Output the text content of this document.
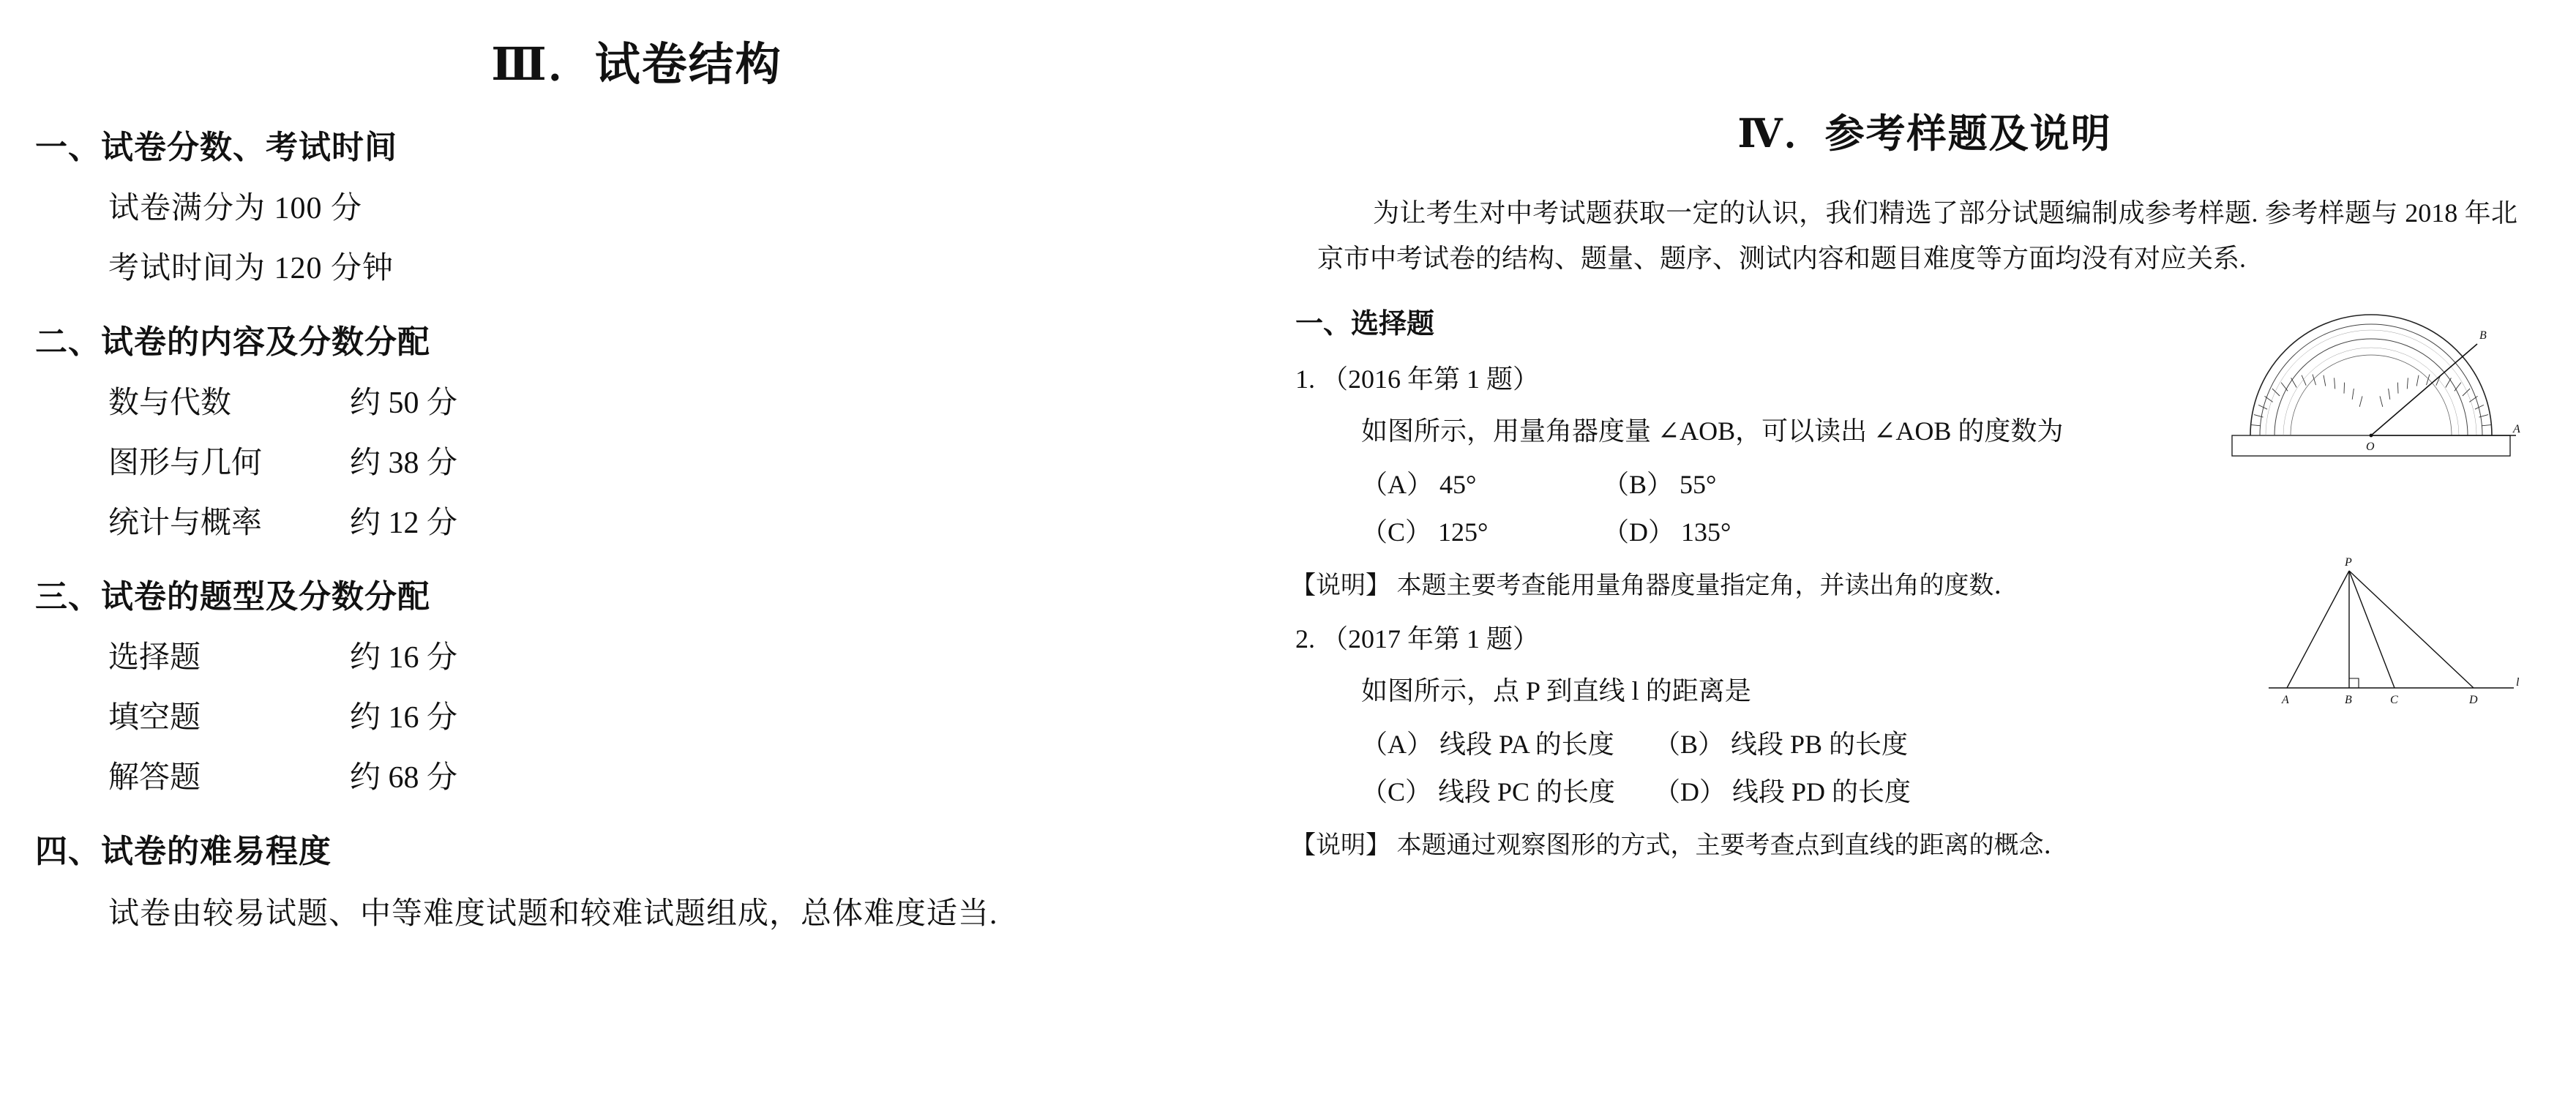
Ⅲ．试卷结构
一、试卷分数、考试时间
试卷满分为 100 分
考试时间为 120 分钟
二、试卷的内容及分数分配
数与代数	约 50 分
图形与几何	约 38 分
统计与概率	约 12 分
三、试卷的题型及分数分配
选择题	约 16 分
填空题	约 16 分
解答题	约 68 分
四、试卷的难易程度
试卷由较易试题、中等难度试题和较难试题组成，总体难度适当.
Ⅳ．参考样题及说明
为让考生对中考试题获取一定的认识，我们精选了部分试题编制成参考样题. 参考样题与 2018 年北京市中考试卷的结构、题量、题序、测试内容和题目难度等方面均没有对应关系.
一、选择题
1. （2016 年第 1 题）
如图所示，用量角器度量 ∠AOB，可以读出 ∠AOB 的度数为
（A） 45°	（B） 55°
（C） 125°	（D） 135°
【说明】 本题主要考查能用量角器度量指定角，并读出角的度数．
2. （2017 年第 1 题）
如图所示，点 P 到直线 l 的距离是
（A） 线段 PA 的长度	（B） 线段 PB 的长度
（C） 线段 PC 的长度	（D） 线段 PD 的长度
【说明】 本题通过观察图形的方式，主要考查点到直线的距离的概念．
B
O
A
P
A	B	C	D
l
